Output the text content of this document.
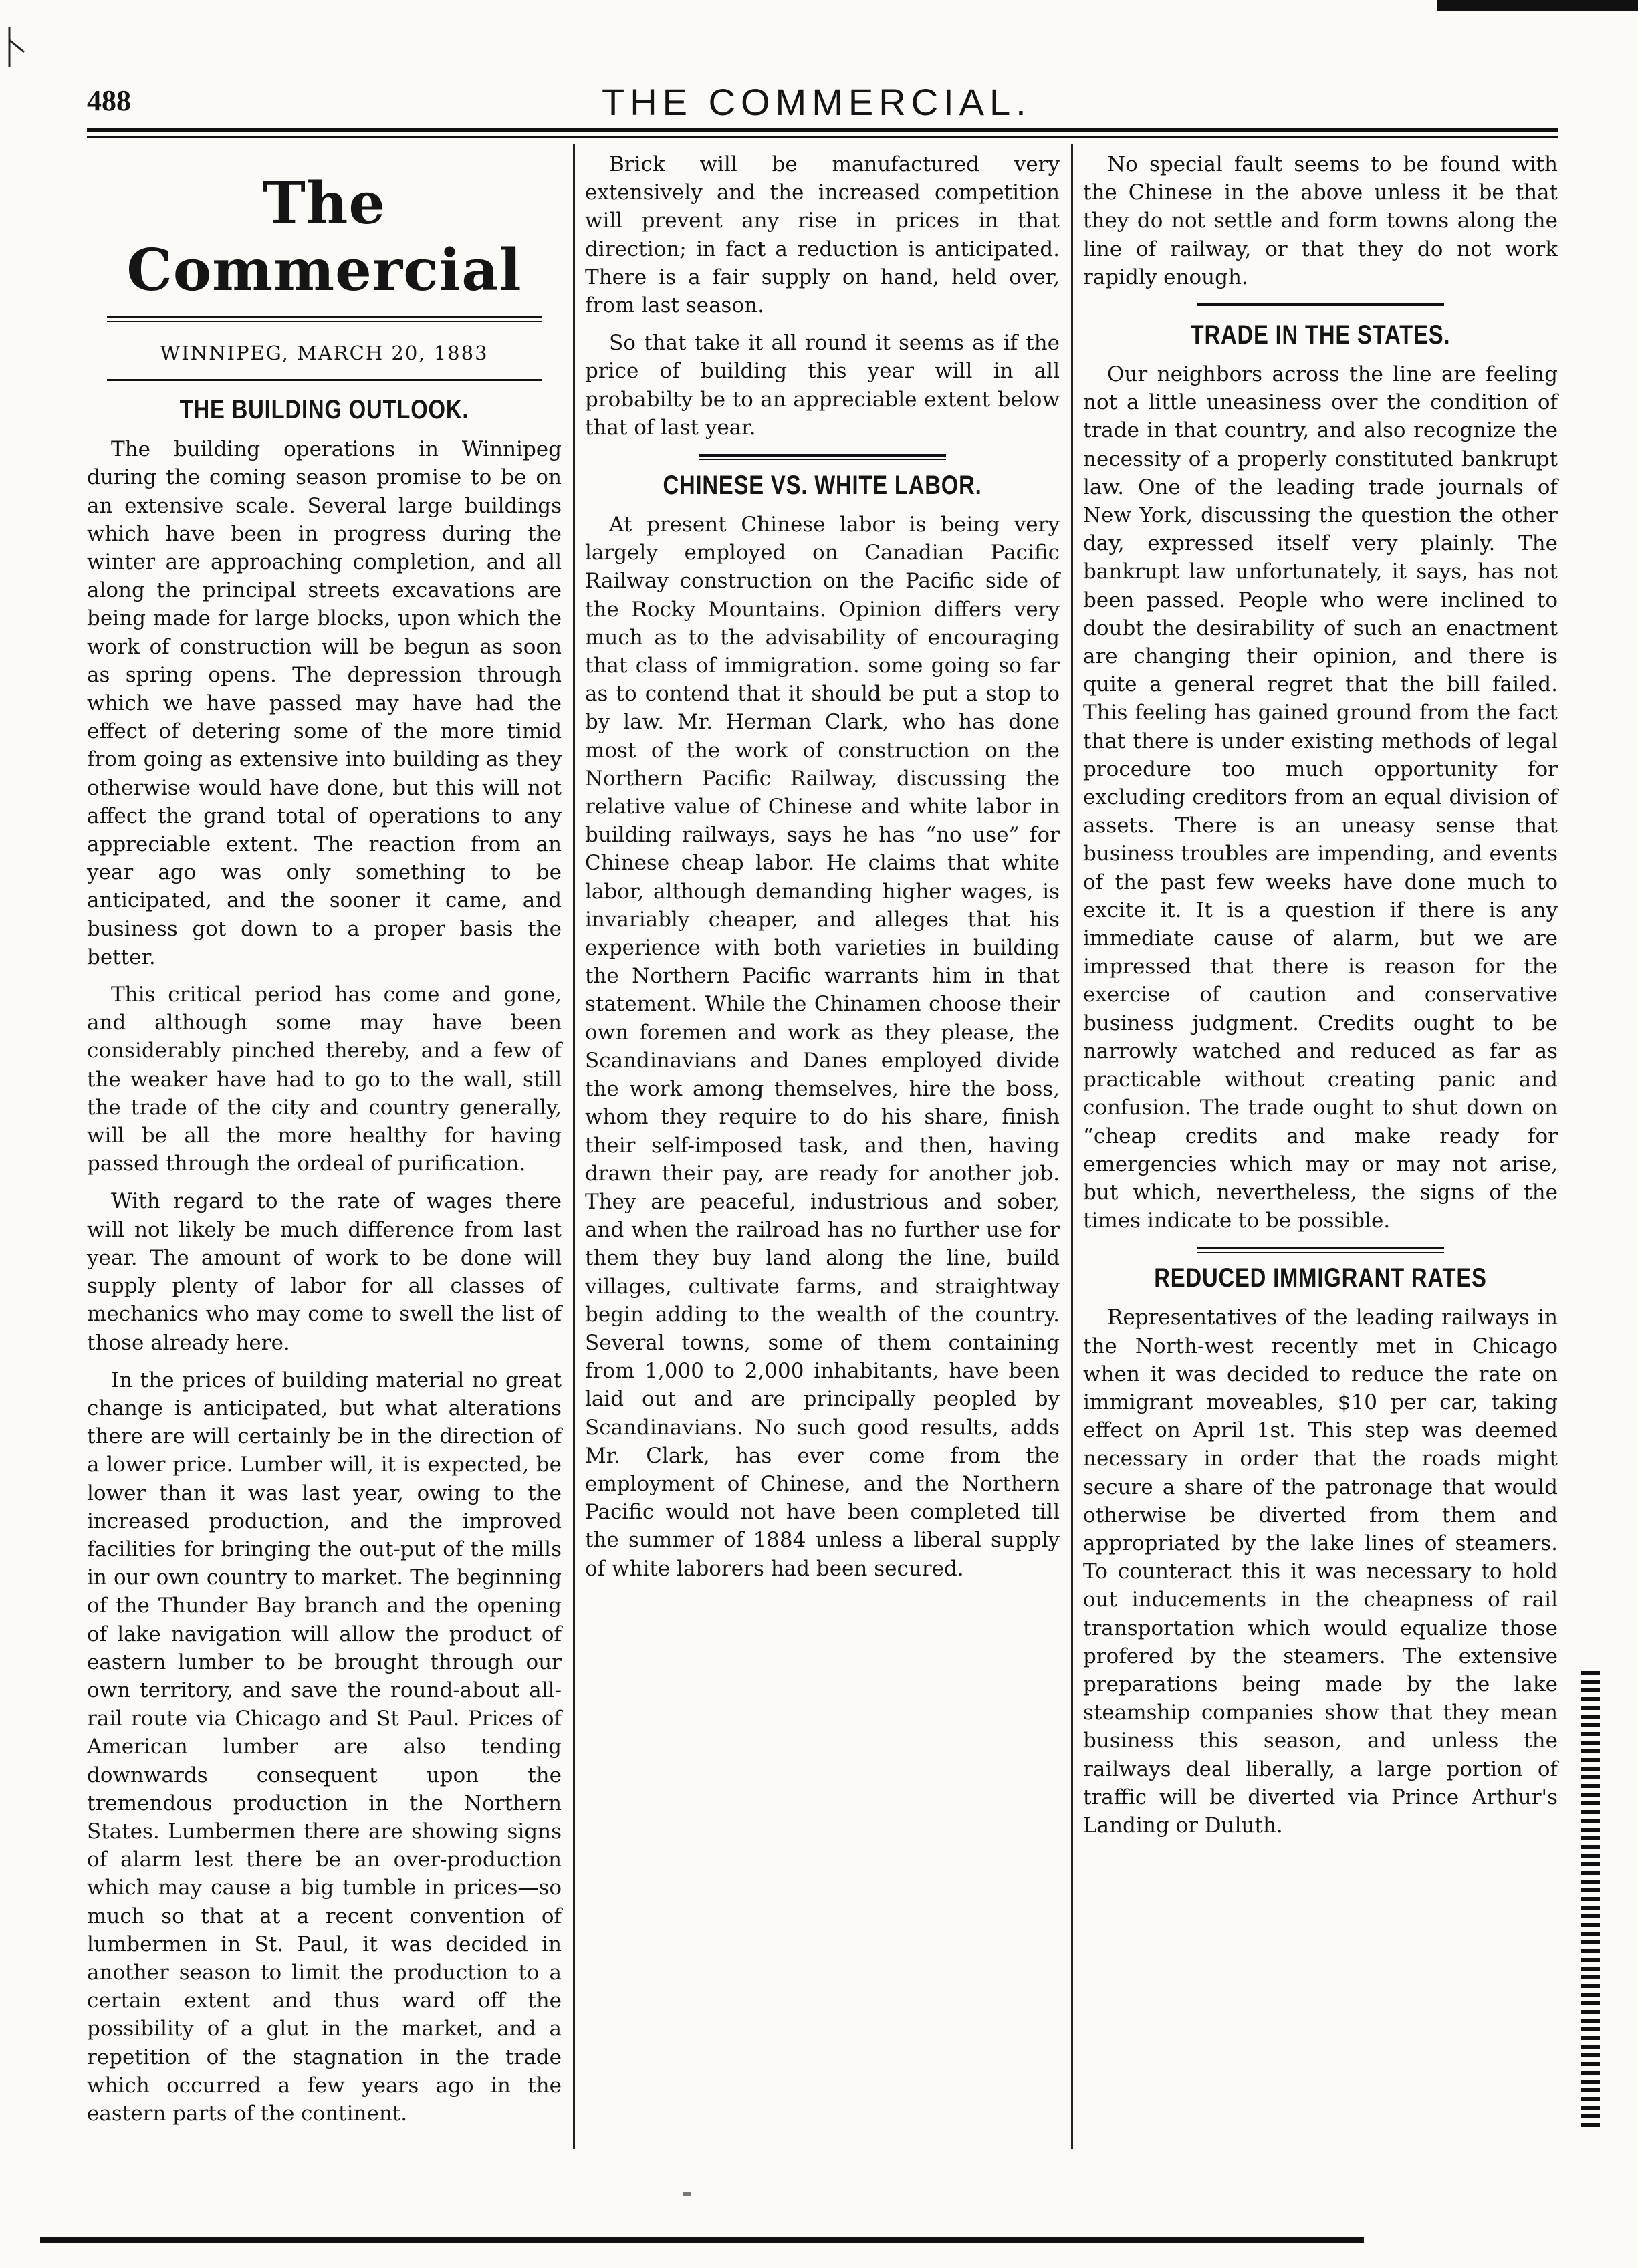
488	THE COMMERCIAL.
The Commercial
WINNIPEG, MARCH 20, 1883
THE BUILDING OUTLOOK.

The building operations in Winnipeg during the coming season promise to be on an extensive scale. Several large buildings which have been in progress during the winter are approaching completion, and all along the principal streets excavations are being made for large blocks, upon which the work of construction will be begun as soon as spring opens. The depression through which we have passed may have had the effect of detering some of the more timid from going as extensive into building as they otherwise would have done, but this will not affect the grand total of operations to any appreciable extent. The reaction from an year ago was only something to be anticipated, and the sooner it came, and business got down to a proper basis the better.

This critical period has come and gone, and although some may have been considerably pinched thereby, and a few of the weaker have had to go to the wall, still the trade of the city and country generally, will be all the more healthy for having passed through the ordeal of purification.

With regard to the rate of wages there will not likely be much difference from last year. The amount of work to be done will supply plenty of labor for all classes of mechanics who may come to swell the list of those already here.

In the prices of building material no great change is anticipated, but what alterations there are will certainly be in the direction of a lower price. Lumber will, it is expected, be lower than it was last year, owing to the increased production, and the improved facilities for bringing the out-put of the mills in our own country to market. The beginning of the Thunder Bay branch and the opening of lake navigation will allow the product of eastern lumber to be brought through our own territory, and save the round-about all-rail route via Chicago and St Paul. Prices of American lumber are also tending downwards consequent upon the tremendous production in the Northern States. Lumbermen there are showing signs of alarm lest there be an over-production which may cause a big tumble in prices—so much so that at a recent convention of lumbermen in St. Paul, it was decided in another season to limit the production to a certain extent and thus ward off the possibility of a glut in the market, and a repetition of the stagnation in the trade which occurred a few years ago in the eastern parts of the continent.

Brick will be manufactured very extensively and the increased competition will prevent any rise in prices in that direction; in fact a reduction is anticipated. There is a fair supply on hand, held over, from last season.

So that take it all round it seems as if the price of building this year will in all probabilty be to an appreciable extent below that of last year.

CHINESE VS. WHITE LABOR.

At present Chinese labor is being very largely employed on Canadian Pacific Railway construction on the Pacific side of the Rocky Mountains. Opinion differs very much as to the advisability of encouraging that class of immigration. some going so far as to contend that it should be put a stop to by law. Mr. Herman Clark, who has done most of the work of construction on the Northern Pacific Railway, discussing the relative value of Chinese and white labor in building railways, says he has “no use” for Chinese cheap labor. He claims that white labor, although demanding higher wages, is invariably cheaper, and alleges that his experience with both varieties in building the Northern Pacific warrants him in that statement. While the Chinamen choose their own foremen and work as they please, the Scandinavians and Danes employed divide the work among themselves, hire the boss, whom they require to do his share, finish their self-imposed task, and then, having drawn their pay, are ready for another job. They are peaceful, industrious and sober, and when the railroad has no further use for them they buy land along the line, build villages, cultivate farms, and straightway begin adding to the wealth of the country. Several towns, some of them containing from 1,000 to 2,000 inhabitants, have been laid out and are principally peopled by Scandinavians. No such good results, adds Mr. Clark, has ever come from the employment of Chinese, and the Northern Pacific would not have been completed till the summer of 1884 unless a liberal supply of white laborers had been secured.

No special fault seems to be found with the Chinese in the above unless it be that they do not settle and form towns along the line of railway, or that they do not work rapidly enough.

TRADE IN THE STATES.

Our neighbors across the line are feeling not a little uneasiness over the condition of trade in that country, and also recognize the necessity of a properly constituted bankrupt law. One of the leading trade journals of New York, discussing the question the other day, expressed itself very plainly. The bankrupt law unfortunately, it says, has not been passed. People who were inclined to doubt the desirability of such an enactment are changing their opinion, and there is quite a general regret that the bill failed. This feeling has gained ground from the fact that there is under existing methods of legal procedure too much opportunity for excluding creditors from an equal division of assets. There is an uneasy sense that business troubles are impending, and events of the past few weeks have done much to excite it. It is a question if there is any immediate cause of alarm, but we are impressed that there is reason for the exercise of caution and conservative business judgment. Credits ought to be narrowly watched and reduced as far as practicable without creating panic and confusion. The trade ought to shut down on “cheap credits and make ready for emergencies which may or may not arise, but which, nevertheless, the signs of the times indicate to be possible.

REDUCED IMMIGRANT RATES

Representatives of the leading railways in the North-west recently met in Chicago when it was decided to reduce the rate on immigrant moveables, $10 per car, taking effect on April 1st. This step was deemed necessary in order that the roads might secure a share of the patronage that would otherwise be diverted from them and appropriated by the lake lines of steamers. To counteract this it was necessary to hold out inducements in the cheapness of rail transportation which would equalize those profered by the steamers. The extensive preparations being made by the lake steamship companies show that they mean business this season, and unless the railways deal liberally, a large portion of traffic will be diverted via Prince Arthur's Landing or Duluth.
